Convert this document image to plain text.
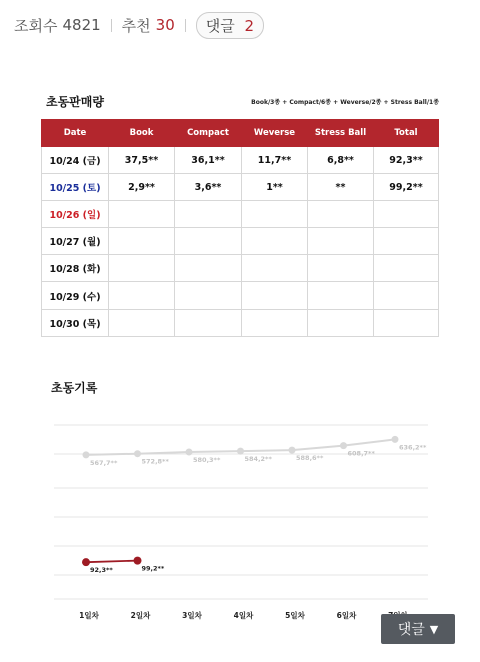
조회수 4821 추천 30	댓글 2
초동판매량	Book/3종 + Compact/6종 + Weverse/2종 + Stress Ball/1종
Date	Book	Compact	Weverse	Stress Ball	Total
10/24 (금)	37,5**	36,1**	11,7**	6,8**	92,3**
10/25 (토)	2,9**	3,6**	1**	**	99,2**
10/26 (일)					
10/27 (월)					
10/28 (화)					
10/29 (수)					
10/30 (목)					
초동기록
567,7**	572,8**	580,3**	584,2**	588,6**
608,7**
636,2**
92,3**	99,2**
1일차	2일차	3일차	4일차	5일차	6일차
댓글 ▼
